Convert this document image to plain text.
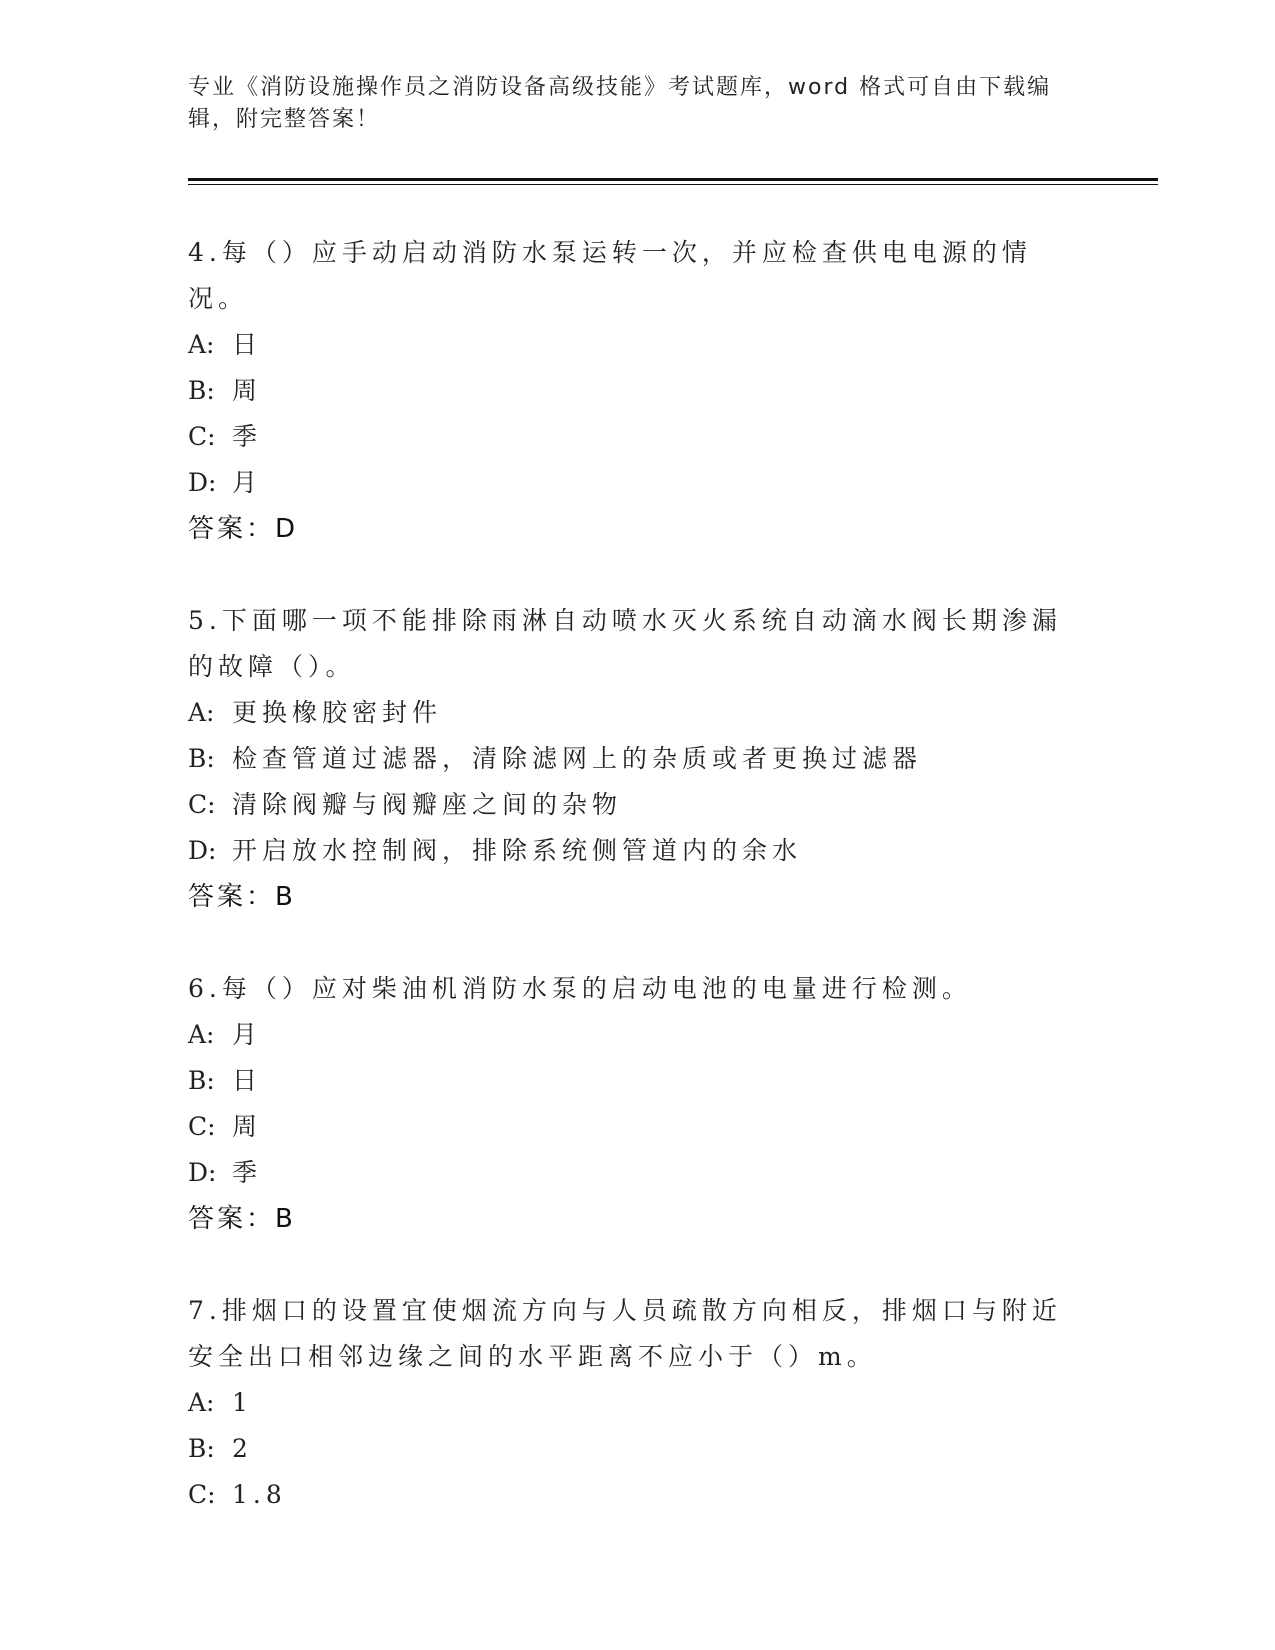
专业《消防设施操作员之消防设备高级技能》考试题库，word 格式可自由下载编辑，附完整答案！

4.每（）应手动启动消防水泵运转一次，并应检查供电电源的情况。

A: 日

B: 周

C: 季

D: 月

答案：D

5.下面哪一项不能排除雨淋自动喷水灭火系统自动滴水阀长期渗漏的故障（）。

A: 更换橡胶密封件

B: 检查管道过滤器，清除滤网上的杂质或者更换过滤器

C: 清除阀瓣与阀瓣座之间的杂物

D: 开启放水控制阀，排除系统侧管道内的余水

答案：B

6.每（）应对柴油机消防水泵的启动电池的电量进行检测。

A: 月

B: 日

C: 周

D: 季

答案：B

7.排烟口的设置宜使烟流方向与人员疏散方向相反，排烟口与附近安全出口相邻边缘之间的水平距离不应小于（）m。

A: 1

B: 2

C: 1.8
